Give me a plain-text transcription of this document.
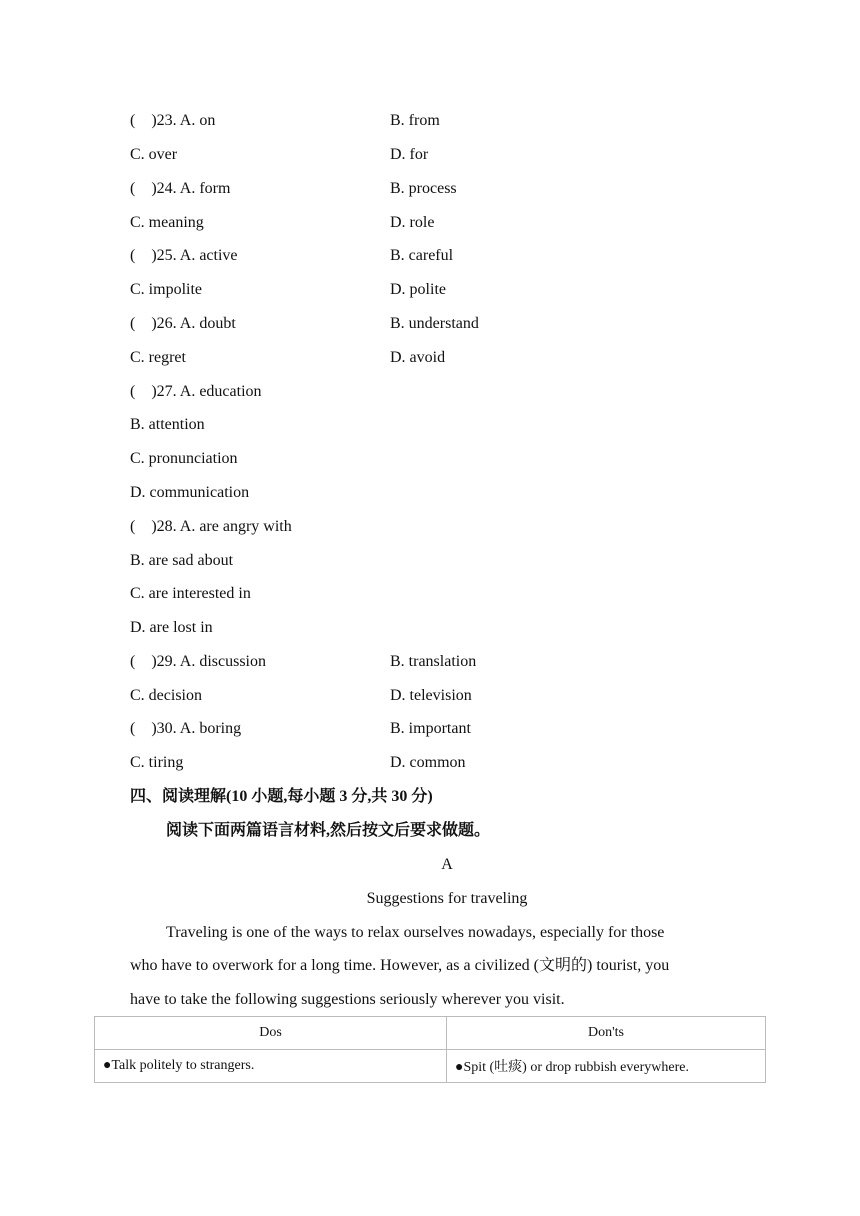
(    )23. A. on	B. from
C. over	D. for
(    )24. A. form	B. process
C. meaning	D. role
(    )25. A. active	B. careful
C. impolite	D. polite
(    )26. A. doubt	B. understand
C. regret	D. avoid
(    )27. A. education
B. attention
C. pronunciation
D. communication
(    )28. A. are angry with
B. are sad about
C. are interested in
D. are lost in
(    )29. A. discussion	B. translation
C. decision	D. television
(    )30. A. boring	B. important
C. tiring	D. common
四、阅读理解(10 小题,每小题 3 分,共 30 分)
阅读下面两篇语言材料,然后按文后要求做题。
A
Suggestions for traveling
Traveling is one of the ways to relax ourselves nowadays, especially for those
who have to overwork for a long time. However, as a civilized (文明的) tourist, you
have to take the following suggestions seriously wherever you visit.
Dos	Don'ts
●Talk politely to strangers.	●Spit (吐痰) or drop rubbish everywhere.
